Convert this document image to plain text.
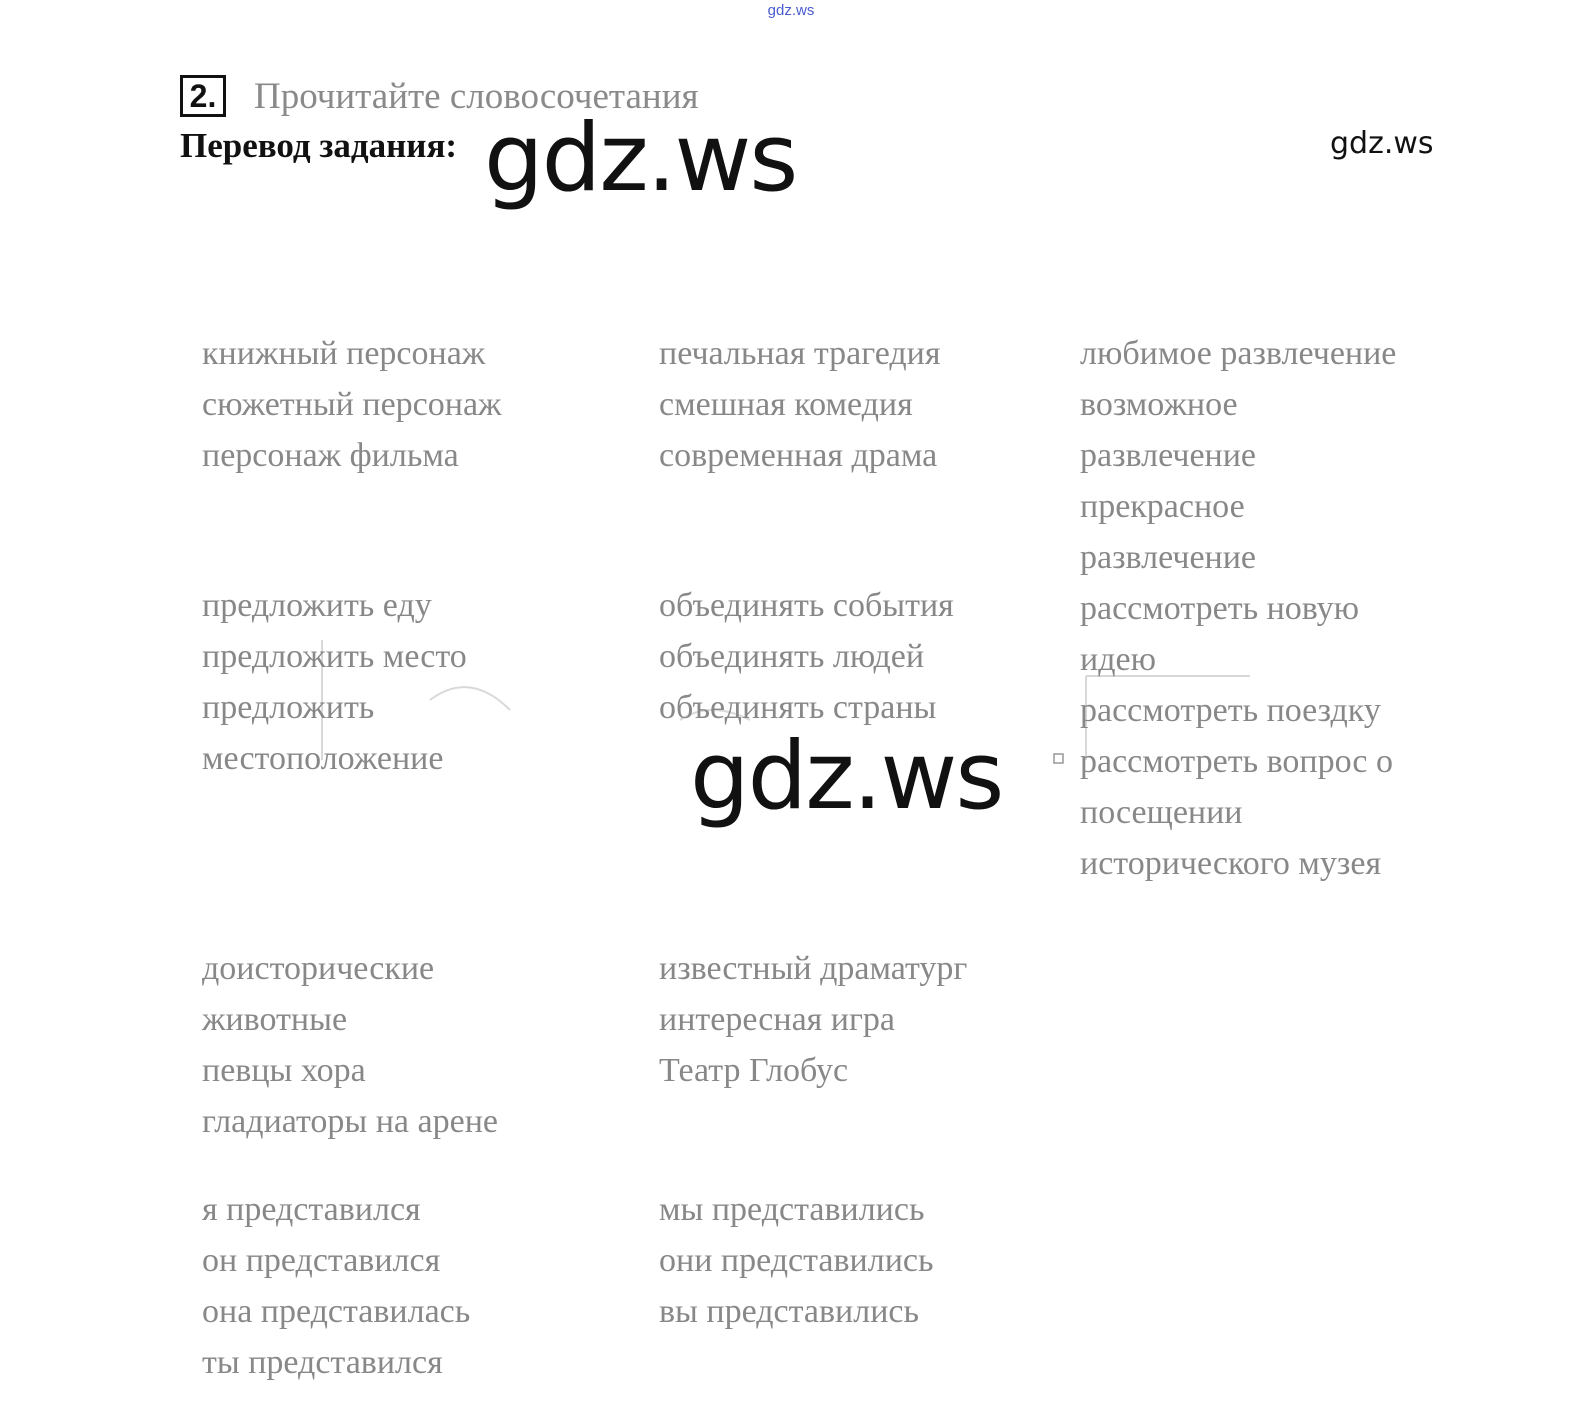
gdz.ws
2. Прочитайте словосочетания
Перевод задания: gdz.ws	gdz.ws
книжный персонаж
сюжетный персонаж
персонаж фильма
печальная трагедия
смешная комедия
современная драма
любимое развлечение
возможное
развлечение
прекрасное
развлечение
рассмотреть новую
идею
рассмотреть поездку
рассмотреть вопрос о
посещении
исторического музея
предложить еду
предложить место
предложить
местоположение
объединять события
объединять людей
объединять страны
доисторические
животные
певцы хора
гладиаторы на арене
известный драматург
интересная игра
Театр Глобус
я представился
он представился
она представилась
ты представился
мы представились
они представились
вы представились
gdz.ws
